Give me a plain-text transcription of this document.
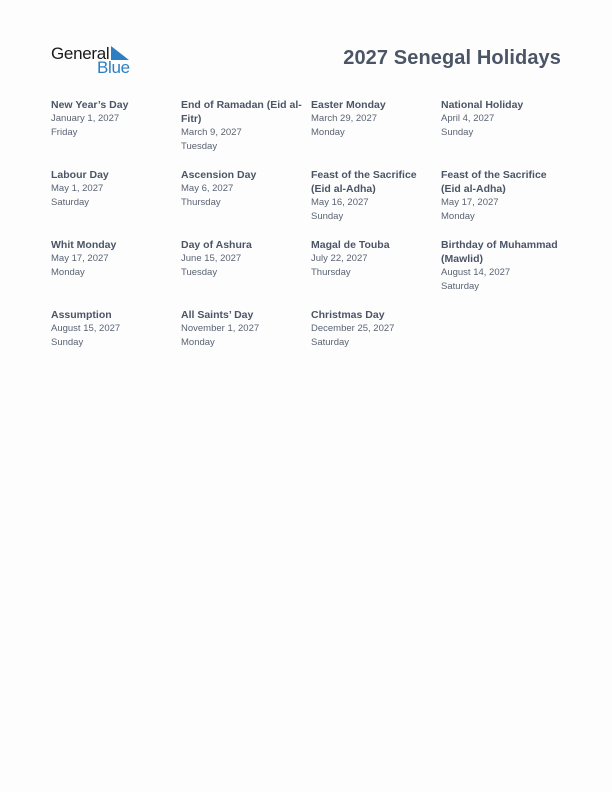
General
Blue	2027 Senegal Holidays
New Year’s Day
January 1, 2027
Friday
End of Ramadan (Eid al-Fitr)
March 9, 2027
Tuesday
Easter Monday
March 29, 2027
Monday
National Holiday
April 4, 2027
Sunday
Labour Day
May 1, 2027
Saturday
Ascension Day
May 6, 2027
Thursday
Feast of the Sacrifice (Eid al-Adha)
May 16, 2027
Sunday
Feast of the Sacrifice (Eid al-Adha)
May 17, 2027
Monday
Whit Monday
May 17, 2027
Monday
Day of Ashura
June 15, 2027
Tuesday
Magal de Touba
July 22, 2027
Thursday
Birthday of Muhammad (Mawlid)
August 14, 2027
Saturday
Assumption
August 15, 2027
Sunday
All Saints’ Day
November 1, 2027
Monday
Christmas Day
December 25, 2027
Saturday
